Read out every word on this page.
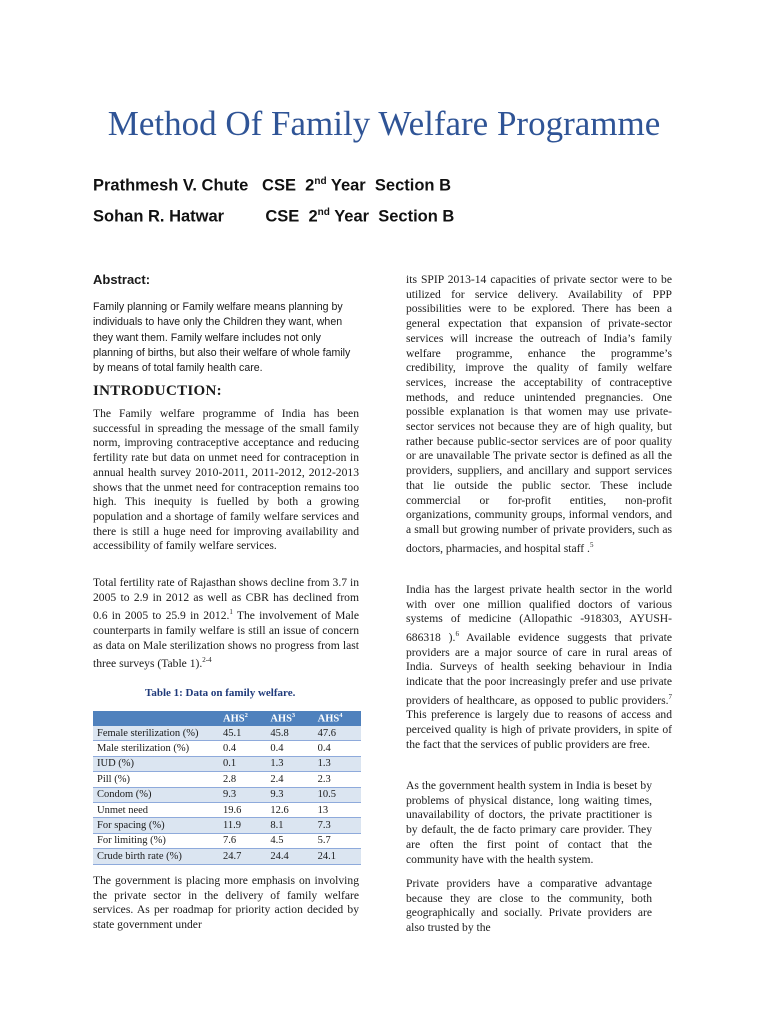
Method Of Family Welfare Programme
Prathmesh V. Chute CSE 2nd Year Section B
Sohan R. Hatwar	CSE 2nd Year Section B
Abstract:

Family planning or Family welfare means planning by individuals to have only the Children they want, when they want them. Family welfare includes not only planning of births, but also their welfare of whole family by means of total family health care.

INTRODUCTION:

The Family welfare programme of India has been successful in spreading the message of the small family norm, improving contraceptive acceptance and reducing fertility rate but data on unmet need for contraception in annual health survey 2010-2011, 2011-2012, 2012-2013 shows that the unmet need for contraception remains too high. This inequity is fuelled by both a growing population and a shortage of family welfare services and there is still a huge need for improving availability and accessibility of family welfare services.

Total fertility rate of Rajasthan shows decline from 3.7 in 2005 to 2.9 in 2012 as well as CBR has declined from 0.6 in 2005 to 25.9 in 2012.$^1$ The involvement of Male counterparts in family welfare is still an issue of concern as data on Male sterilization shows no progress from last three surveys (Table 1).$^{2-4}$

Table 1: Data on family welfare.

	AHS$^2$	AHS$^3$	AHS$^4$
Female sterilization (%)	45.1	45.8	47.6
Male sterilization (%)	0.4	0.4	0.4
IUD (%)	0.1	1.3	1.3
Pill (%)	2.8	2.4	2.3
Condom (%)	9.3	9.3	10.5
Unmet need	19.6	12.6	13
For spacing (%)	11.9	8.1	7.3
For limiting (%)	7.6	4.5	5.7
Crude birth rate (%)	24.7	24.4	24.1

The government is placing more emphasis on involving the private sector in the delivery of family welfare services. As per roadmap for priority action decided by state government under

its SPIP 2013-14 capacities of private sector were to be utilized for service delivery. Availability of PPP possibilities were to be explored. There has been a general expectation that expansion of private-sector services will increase the outreach of India’s family welfare programme, enhance the programme’s credibility, improve the quality of family welfare services, increase the acceptability of contraceptive methods, and reduce unintended pregnancies. One possible explanation is that women may use private-sector services not because they are of high quality, but rather because public-sector services are of poor quality or are unavailable The private sector is defined as all the providers, suppliers, and ancillary and support services that lie outside the public sector. These include commercial or for-profit entities, non-profit organizations, community groups, informal vendors, and a small but growing number of private providers, such as doctors, pharmacies, and hospital staff .$^5$

India has the largest private health sector in the world with over one million qualified doctors of various systems of medicine (Allopathic -918303, AYUSH- 686318 ).$^6$ Available evidence suggests that private providers are a major source of care in rural areas of India. Surveys of health seeking behaviour in India indicate that the poor increasingly prefer and use private providers of healthcare, as opposed to public providers.$^7$ This preference is largely due to reasons of access and perceived quality is high of private providers, in spite of the fact that the services of public providers are free.

As the government health system in India is beset by problems of physical distance, long waiting times, unavailability of doctors, the private practitioner is by default, the de facto primary care provider. They are often the first point of contact that the community have with the health system.

Private providers have a comparative advantage because they are close to the community, both geographically and socially. Private providers are also trusted by the
